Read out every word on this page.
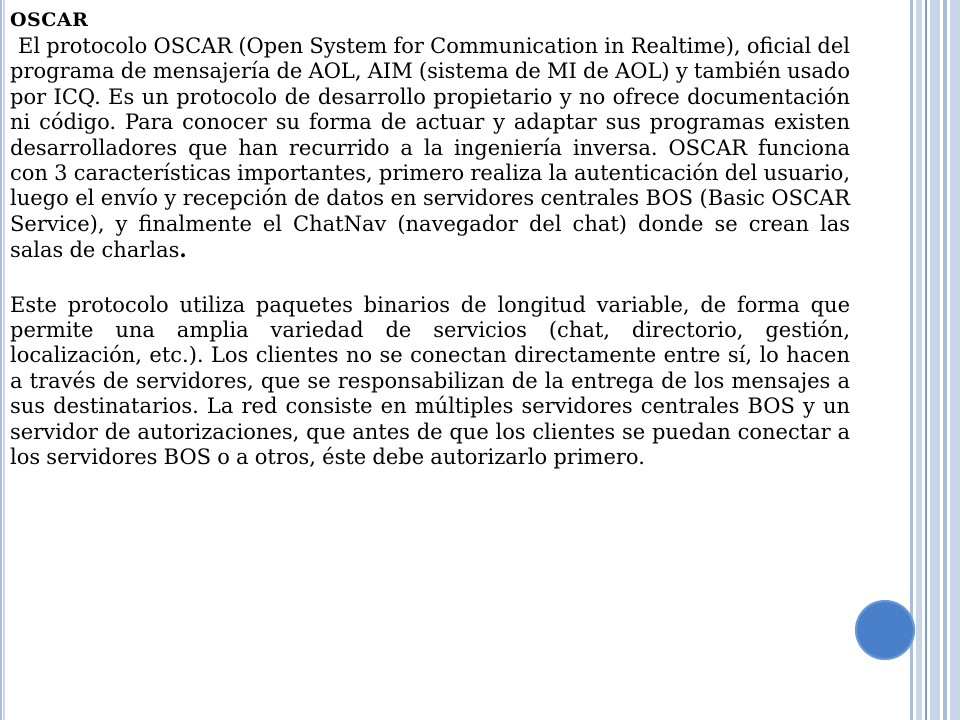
OSCAR

El protocolo OSCAR (Open System for Communication in Realtime), oficial del programa de mensajería de AOL, AIM (sistema de MI de AOL) y también usado por ICQ. Es un protocolo de desarrollo propietario y no ofrece documentación ni código. Para conocer su forma de actuar y adaptar sus programas existen desarrolladores que han recurrido a la ingeniería inversa. OSCAR funciona con 3 características importantes, primero realiza la autenticación del usuario, luego el envío y recepción de datos en servidores centrales BOS (Basic OSCAR Service), y finalmente el ChatNav (navegador del chat) donde se crean las salas de charlas.

Este protocolo utiliza paquetes binarios de longitud variable, de forma que permite una amplia variedad de servicios (chat, directorio, gestión, localización, etc.). Los clientes no se conectan directamente entre sí, lo hacen a través de servidores, que se responsabilizan de la entrega de los mensajes a sus destinatarios. La red consiste en múltiples servidores centrales BOS y un servidor de autorizaciones, que antes de que los clientes se puedan conectar a los servidores BOS o a otros, éste debe autorizarlo primero.
